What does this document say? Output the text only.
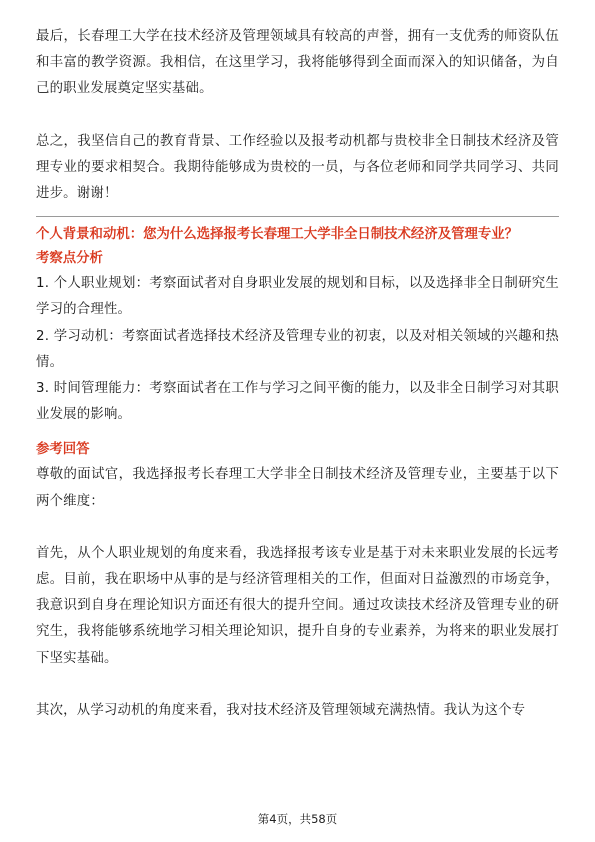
最后，长春理工大学在技术经济及管理领域具有较高的声誉，拥有一支优秀的师资队伍和丰富的教学资源。我相信，在这里学习，我将能够得到全面而深入的知识储备，为自己的职业发展奠定坚实基础。

总之，我坚信自己的教育背景、工作经验以及报考动机都与贵校非全日制技术经济及管理专业的要求相契合。我期待能够成为贵校的一员，与各位老师和同学共同学习、共同进步。谢谢！

个人背景和动机：您为什么选择报考长春理工大学非全日制技术经济及管理专业？
考察点分析

1. 个人职业规划：考察面试者对自身职业发展的规划和目标，以及选择非全日制研究生学习的合理性。

2. 学习动机：考察面试者选择技术经济及管理专业的初衷，以及对相关领域的兴趣和热情。

3. 时间管理能力：考察面试者在工作与学习之间平衡的能力，以及非全日制学习对其职业发展的影响。

参考回答

尊敬的面试官，我选择报考长春理工大学非全日制技术经济及管理专业，主要基于以下两个维度：

首先，从个人职业规划的角度来看，我选择报考该专业是基于对未来职业发展的长远考虑。目前，我在职场中从事的是与经济管理相关的工作，但面对日益激烈的市场竞争，我意识到自身在理论知识方面还有很大的提升空间。通过攻读技术经济及管理专业的研究生，我将能够系统地学习相关理论知识，提升自身的专业素养，为将来的职业发展打下坚实基础。

其次，从学习动机的角度来看，我对技术经济及管理领域充满热情。我认为这个专

第4页，共58页
